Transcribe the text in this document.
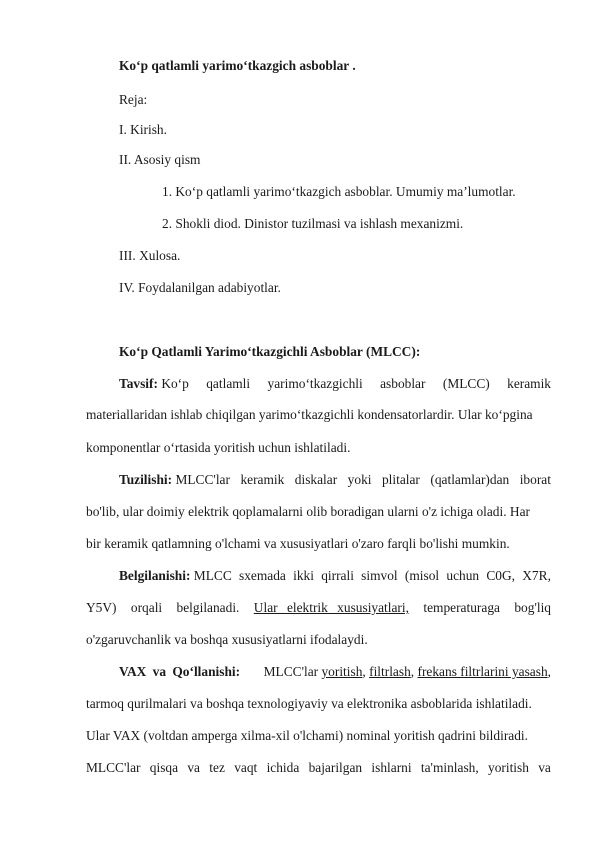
Ko‘p qatlamli yarimo‘tkazgich asboblar .
Reja:
I. Kirish.
II. Asosiy qism
1. Ko‘p qatlamli yarimo‘tkazgich asboblar. Umumiy ma’lumotlar.
2. Shokli diod. Dinistor tuzilmasi va ishlash mexanizmi.
III. Xulosa.
IV. Foydalanilgan adabiyotlar.
Ko‘p Qatlamli Yarimo‘tkazgichli Asboblar (MLCC):
Tavsif: Ko‘p qatlamli yarimo‘tkazgichli asboblar (MLCC) keramik
materiallaridan ishlab chiqilgan yarimo‘tkazgichli kondensatorlardir. Ular ko‘pgina
komponentlar o‘rtasida yoritish uchun ishlatiladi.
Tuzilishi: MLCC'lar keramik diskalar yoki plitalar (qatlamlar)dan iborat
bo'lib, ular doimiy elektrik qoplamalarni olib boradigan ularni o'z ichiga oladi. Har
bir keramik qatlamning o'lchami va xususiyatlari o'zaro farqli bo'lishi mumkin.
Belgilanishi: MLCC sxemada ikki qirrali simvol (misol uchun C0G, X7R,
Y5V) orqali belgilanadi. Ular elektrik xususiyatlari, temperaturaga bog'liq
o'zgaruvchanlik va boshqa xususiyatlarni ifodalaydi.
VAX va Qo‘llanishi: MLCC'lar yoritish, filtrlash, frekans filtrlarini yasash,
tarmoq qurilmalari va boshqa texnologiyaviy va elektronika asboblarida ishlatiladi.
Ular VAX (voltdan amperga xilma-xil o'lchami) nominal yoritish qadrini bildiradi.
MLCC'lar qisqa va tez vaqt ichida bajarilgan ishlarni ta'minlash, yoritish va
